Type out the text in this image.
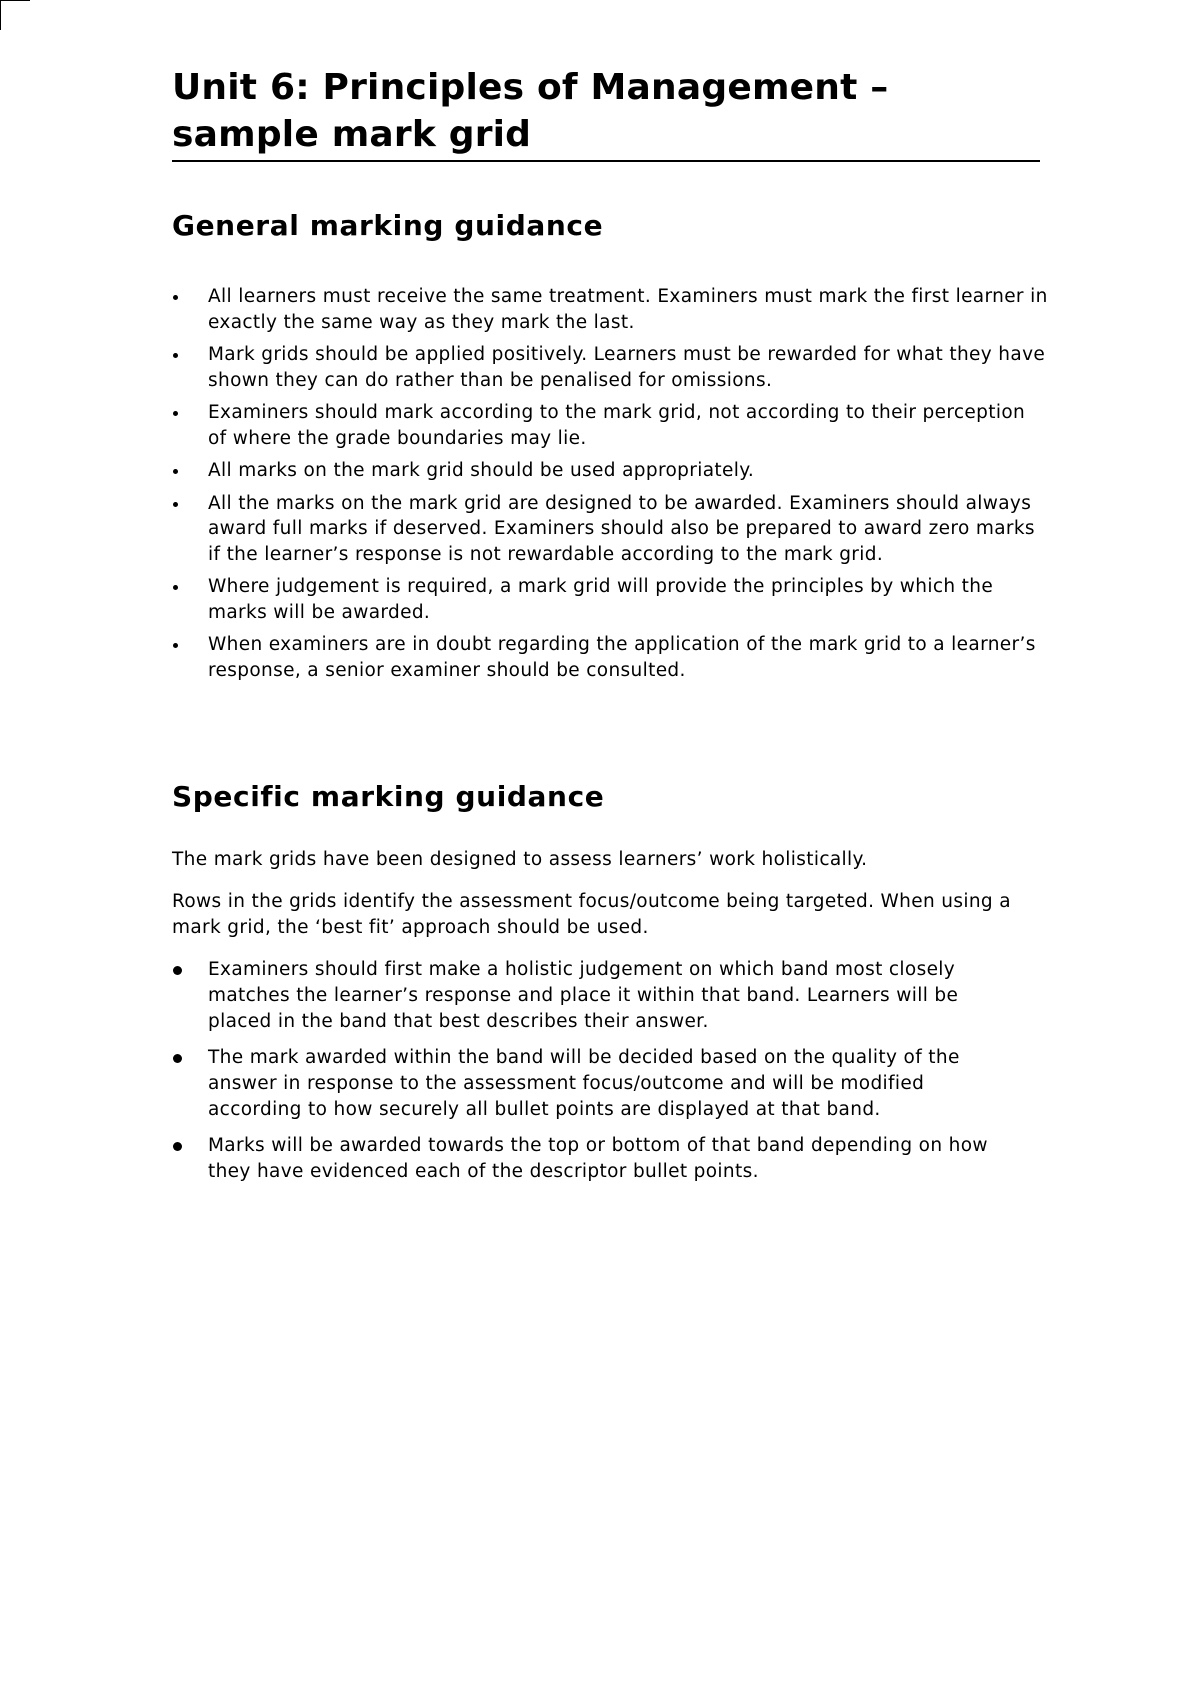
Unit 6: Principles of Management –
sample mark grid
General marking guidance
All learners must receive the same treatment. Examiners must mark the first learner in exactly the same way as they mark the last.
Mark grids should be applied positively. Learners must be rewarded for what they have shown they can do rather than be penalised for omissions.
Examiners should mark according to the mark grid, not according to their perception of where the grade boundaries may lie.
All marks on the mark grid should be used appropriately.
All the marks on the mark grid are designed to be awarded. Examiners should always award full marks if deserved. Examiners should also be prepared to award zero marks if the learner’s response is not rewardable according to the mark grid.
Where judgement is required, a mark grid will provide the principles by which the marks will be awarded.
When examiners are in doubt regarding the application of the mark grid to a learner’s response, a senior examiner should be consulted.
Specific marking guidance

The mark grids have been designed to assess learners’ work holistically.

Rows in the grids identify the assessment focus/outcome being targeted. When using a mark grid, the ‘best fit’ approach should be used.

Examiners should first make a holistic judgement on which band most closely matches the learner’s response and place it within that band. Learners will be placed in the band that best describes their answer.
The mark awarded within the band will be decided based on the quality of the answer in response to the assessment focus/outcome and will be modified according to how securely all bullet points are displayed at that band.
Marks will be awarded towards the top or bottom of that band depending on how they have evidenced each of the descriptor bullet points.
